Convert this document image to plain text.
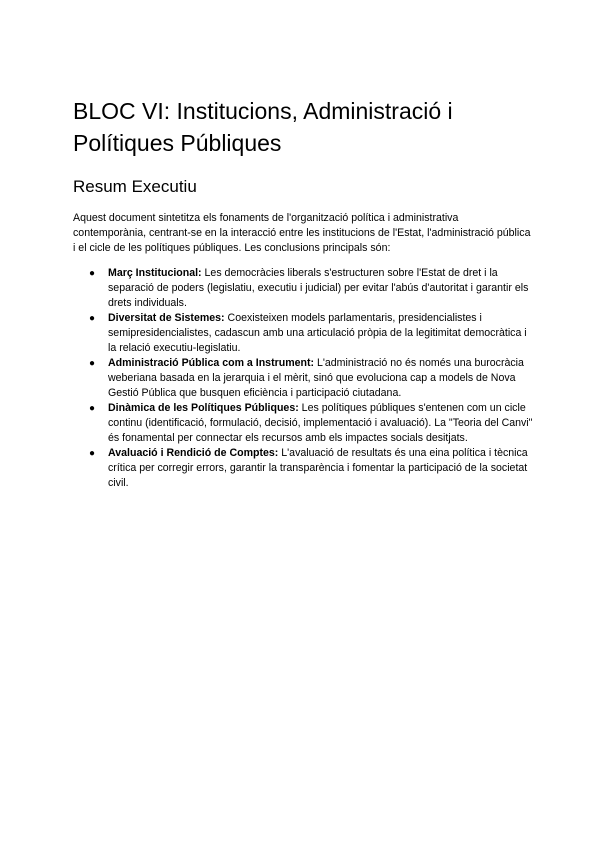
BLOC VI: Institucions, Administració i Polítiques Públiques
Resum Executiu

Aquest document sintetitza els fonaments de l'organització política i administrativa contemporània, centrant-se en la interacció entre les institucions de l'Estat, l'administració pública i el cicle de les polítiques públiques. Les conclusions principals són:

● Març Institucional: Les democràcies liberals s'estructuren sobre l'Estat de dret i la separació de poders (legislatiu, executiu i judicial) per evitar l'abús d'autoritat i garantir els drets individuals.
● Diversitat de Sistemes: Coexisteixen models parlamentaris, presidencialistes i semipresidencialistes, cadascun amb una articulació pròpia de la legitimitat democràtica i la relació executiu-legislatiu.
● Administració Pública com a Instrument: L'administració no és només una burocràcia weberiana basada en la jerarquia i el mèrit, sinó que evoluciona cap a models de Nova Gestió Pública que busquen eficiència i participació ciutadana.
● Dinàmica de les Polítiques Públiques: Les polítiques públiques s'entenen com un cicle continu (identificació, formulació, decisió, implementació i avaluació). La "Teoria del Canvi" és fonamental per connectar els recursos amb els impactes socials desitjats.
● Avaluació i Rendició de Comptes: L'avaluació de resultats és una eina política i tècnica crítica per corregir errors, garantir la transparència i fomentar la participació de la societat civil.
